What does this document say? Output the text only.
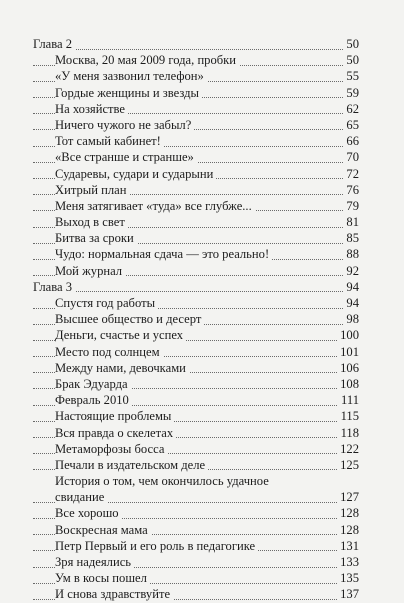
Глава 2	50
Москва, 20 мая 2009 года, пробки	50
«У меня зазвонил телефон»	55
Гордые женщины и звезды	59
На хозяйстве	62
Ничего чужого не забыл?	65
Тот самый кабинет!	66
«Все странше и странше»	70
Сударевы, судари и сударыни	72
Хитрый план	76
Меня затягивает «туда» все глубже...	79
Выход в свет	81
Битва за сроки	85
Чудо: нормальная сдача — это реально!	88
Мой журнал	92
Глава 3	94
Спустя год работы	94
Высшее общество и десерт	98
Деньги, счастье и успех	100
Место под солнцем	101
Между нами, девочками	106
Брак Эдуарда	108
Февраль 2010	111
Настоящие проблемы	115
Вся правда о скелетах	118
Метаморфозы босса	122
Печали в издательском деле	125
История о том, чем окончилось удачное
свидание	127
Все хорошо	128
Воскресная мама	128
Петр Первый и его роль в педагогике	131
Зря надеялись	133
Ум в косы пошел	135
И снова здравствуйте	137
